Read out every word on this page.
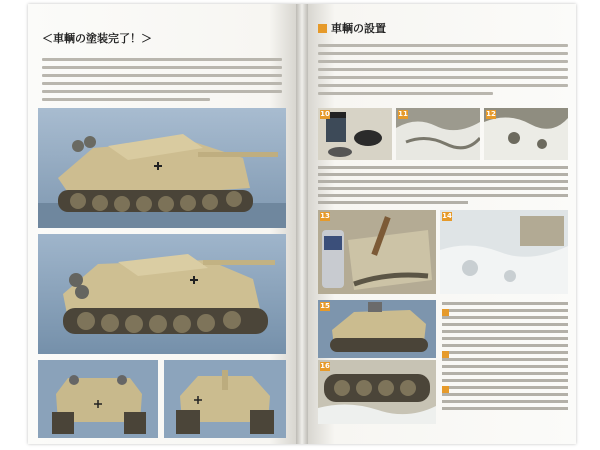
＜車輌の塗装完了！＞
車輌の設置
10	11	12
13	14
15
16
